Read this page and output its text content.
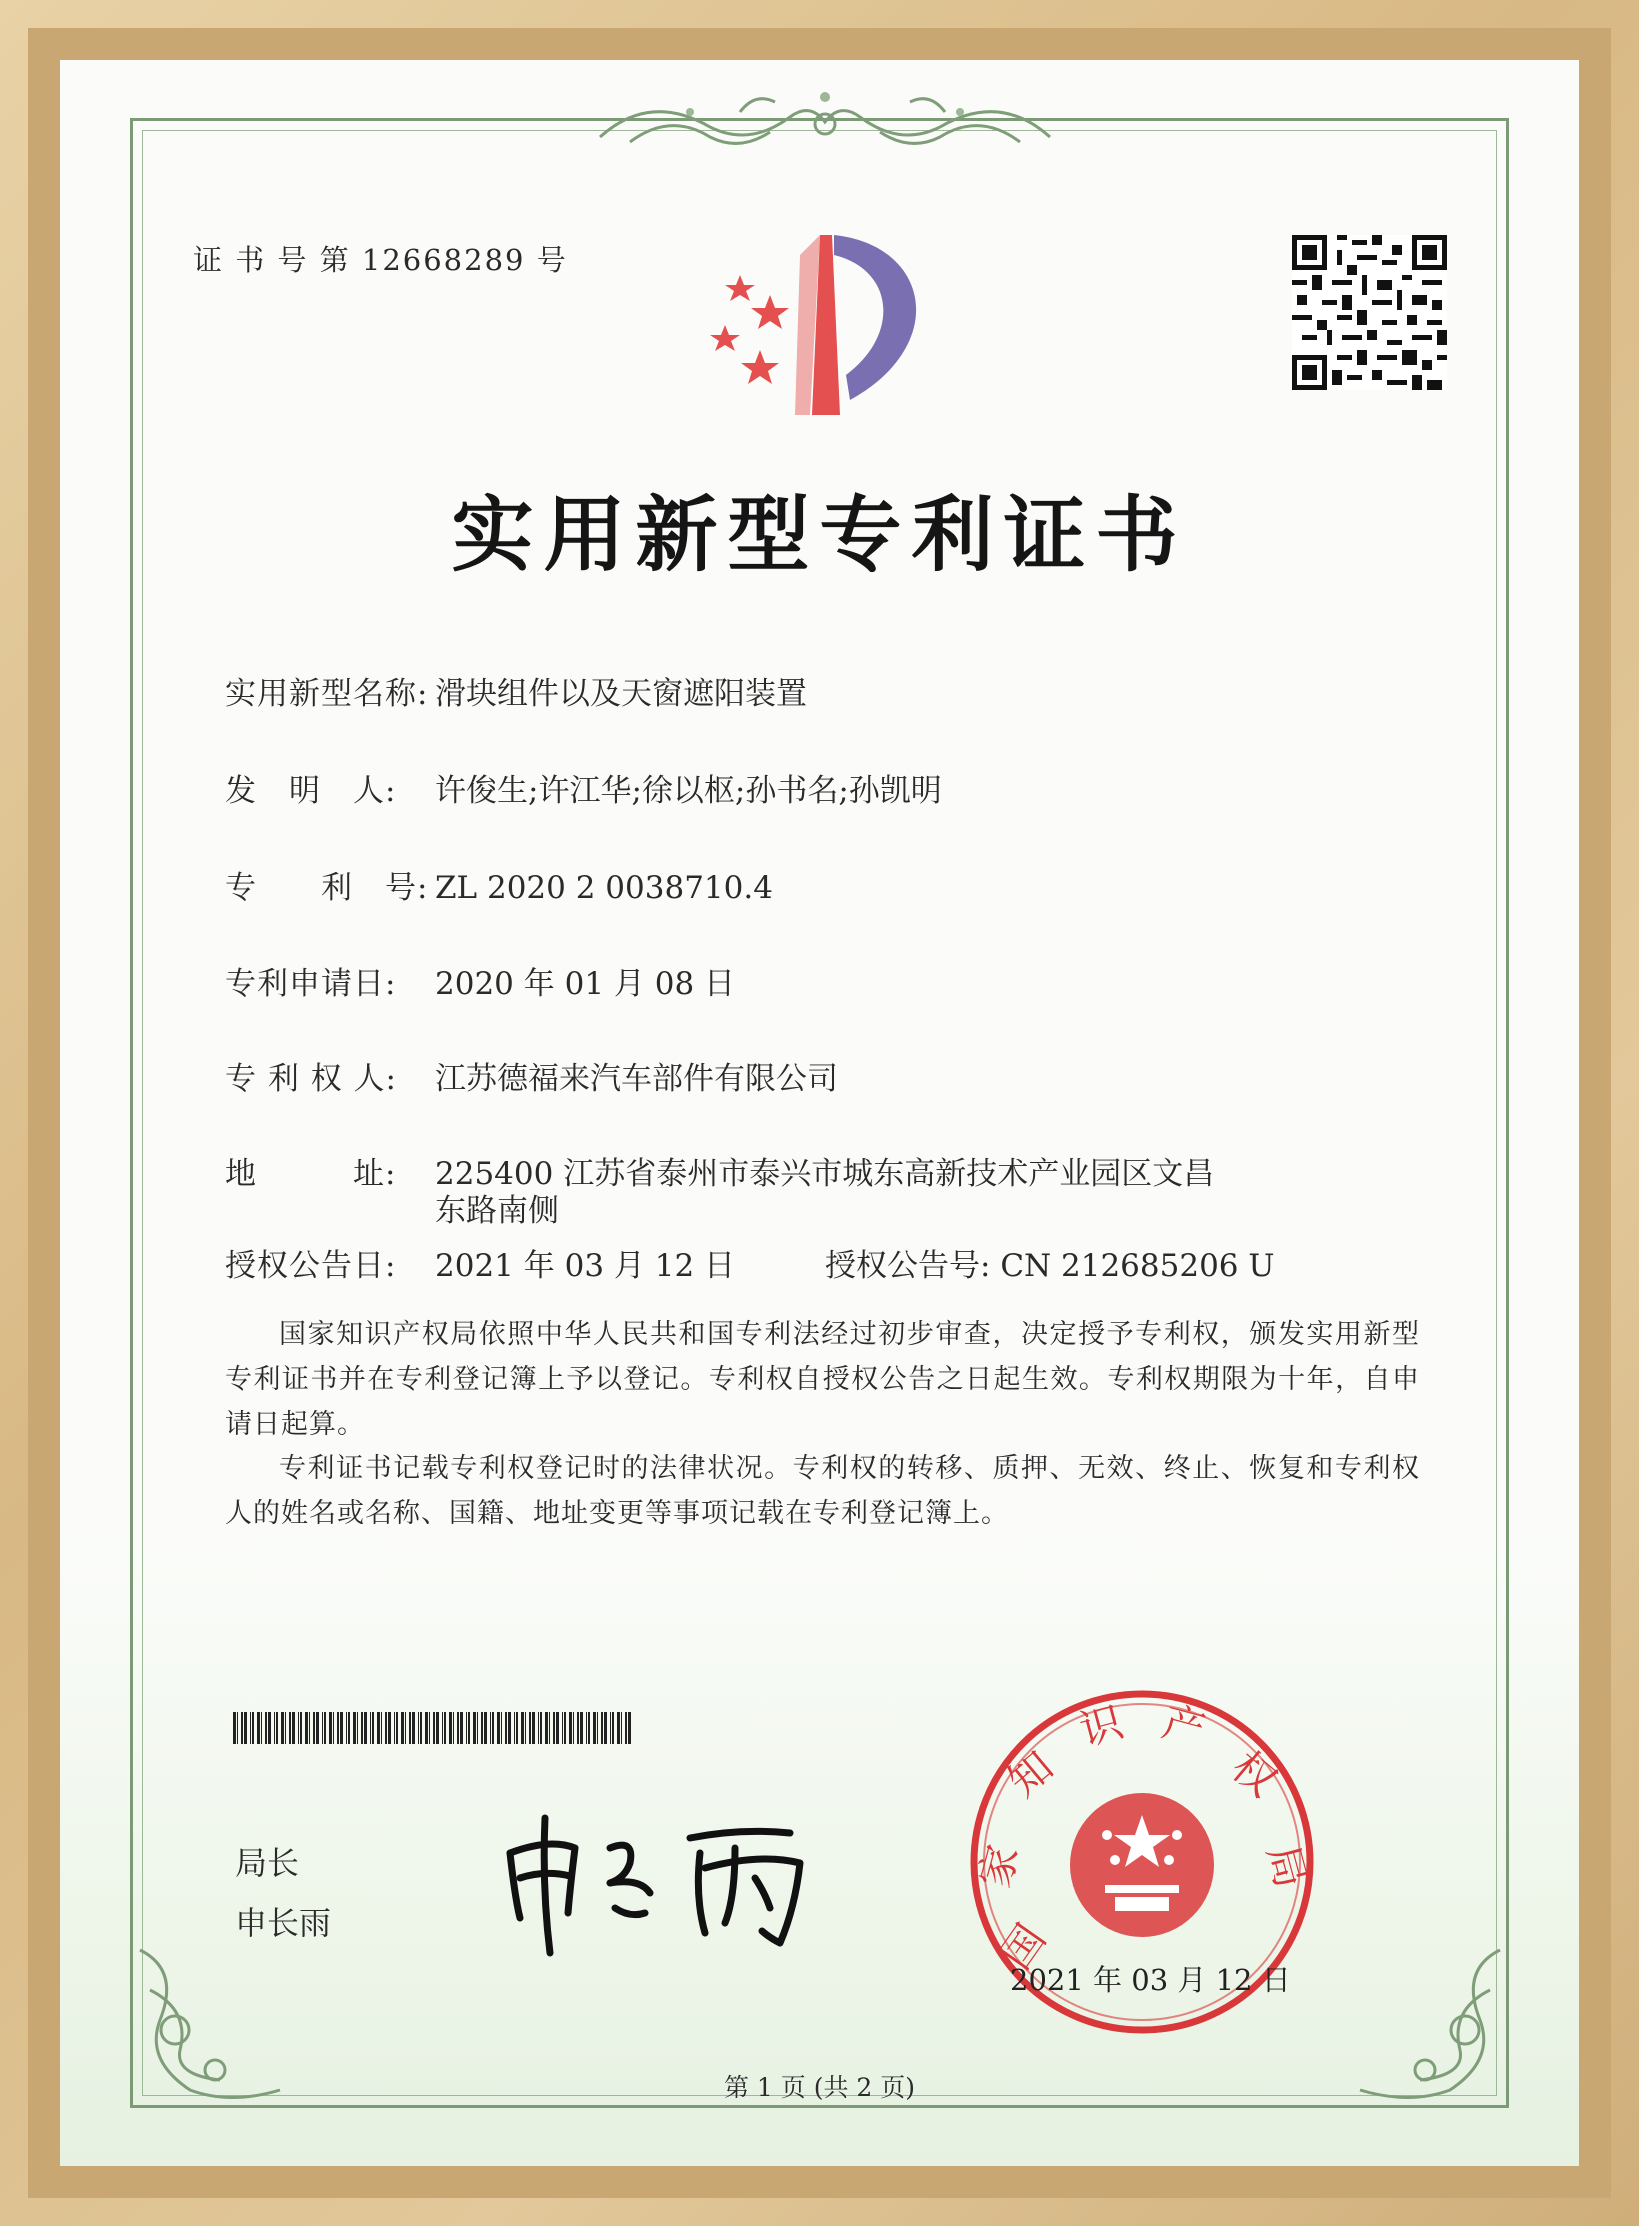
证 书 号 第 12668289 号
实用新型专利证书
实用新型名称: 滑块组件以及天窗遮阳装置
发　明　人: 许俊生;许江华;徐以枢;孙书名;孙凯明
专　　利　号: ZL 2020 2 0038710.4
专利申请日: 2020 年 01 月 08 日
专 利 权 人: 江苏德福来汽车部件有限公司
地　　　址: 225400 江苏省泰州市泰兴市城东高新技术产业园区文昌
东路南侧
授权公告日: 2021 年 03 月 12 日	授权公告号: CN 212685206 U
国家知识产权局依照中华人民共和国专利法经过初步审查，决定授予专利权，颁发实用新型专利证书并在专利登记簿上予以登记。专利权自授权公告之日起生效。专利权期限为十年，自申请日起算。
专利证书记载专利权登记时的法律状况。专利权的转移、质押、无效、终止、恢复和专利权人的姓名或名称、国籍、地址变更等事项记载在专利登记簿上。
局长
申长雨	国
家
知
识 产
权
局
2021 年 03 月 12 日
第 1 页 (共 2 页)
